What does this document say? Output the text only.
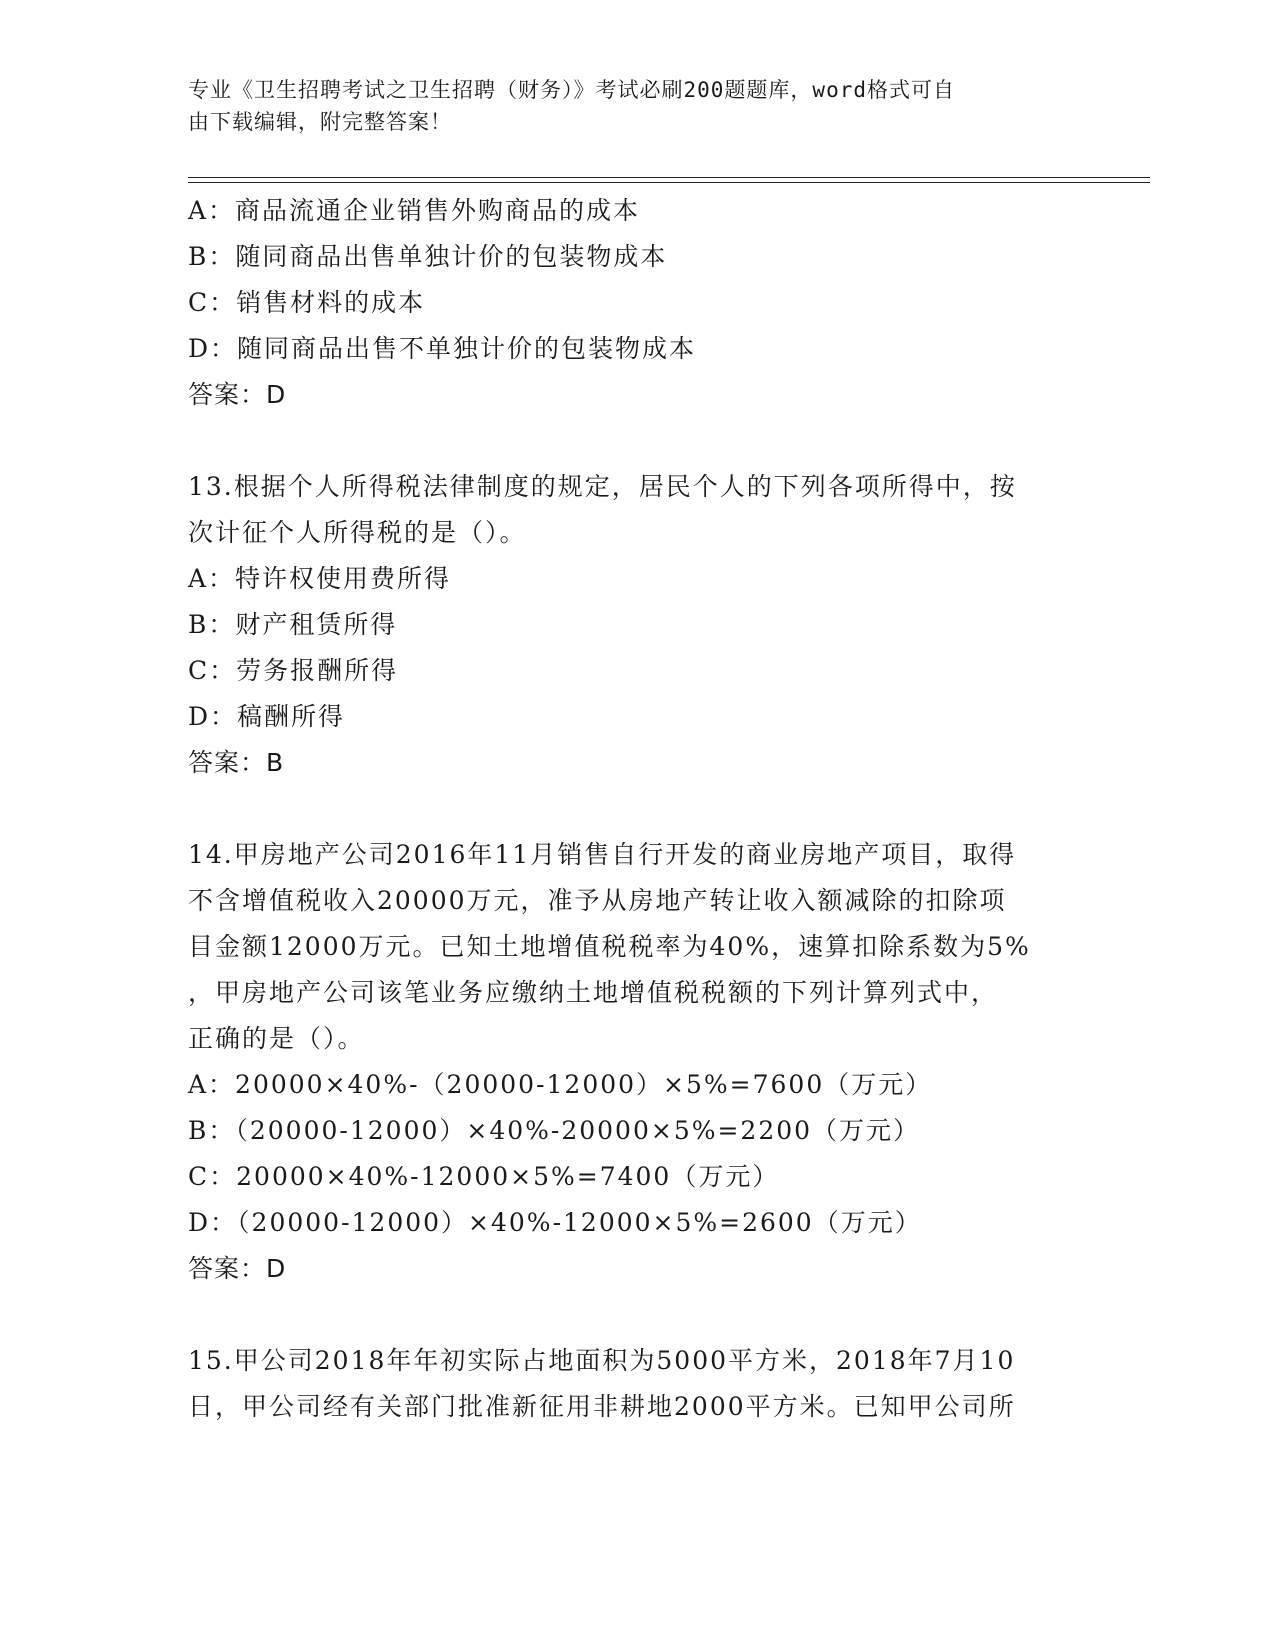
专业《卫生招聘考试之卫生招聘（财务）》考试必刷200题题库，word格式可自
由下载编辑，附完整答案！
A：商品流通企业销售外购商品的成本
B：随同商品出售单独计价的包装物成本
C：销售材料的成本
D：随同商品出售不单独计价的包装物成本
答案：D
13.根据个人所得税法律制度的规定，居民个人的下列各项所得中，按
次计征个人所得税的是（）。
A：特许权使用费所得
B：财产租赁所得
C：劳务报酬所得
D：稿酬所得
答案：B
14.甲房地产公司2016年11月销售自行开发的商业房地产项目，取得
不含增值税收入20000万元，准予从房地产转让收入额减除的扣除项
目金额12000万元。已知土地增值税税率为40%，速算扣除系数为5%
，甲房地产公司该笔业务应缴纳土地增值税税额的下列计算列式中，
正确的是（）。
A：20000×40%-（20000-12000）×5%=7600（万元）
B：（20000-12000）×40%-20000×5%=2200（万元）
C：20000×40%-12000×5%=7400（万元）
D：（20000-12000）×40%-12000×5%=2600（万元）
答案：D
15.甲公司2018年年初实际占地面积为5000平方米，2018年7月10
日，甲公司经有关部门批准新征用非耕地2000平方米。已知甲公司所
